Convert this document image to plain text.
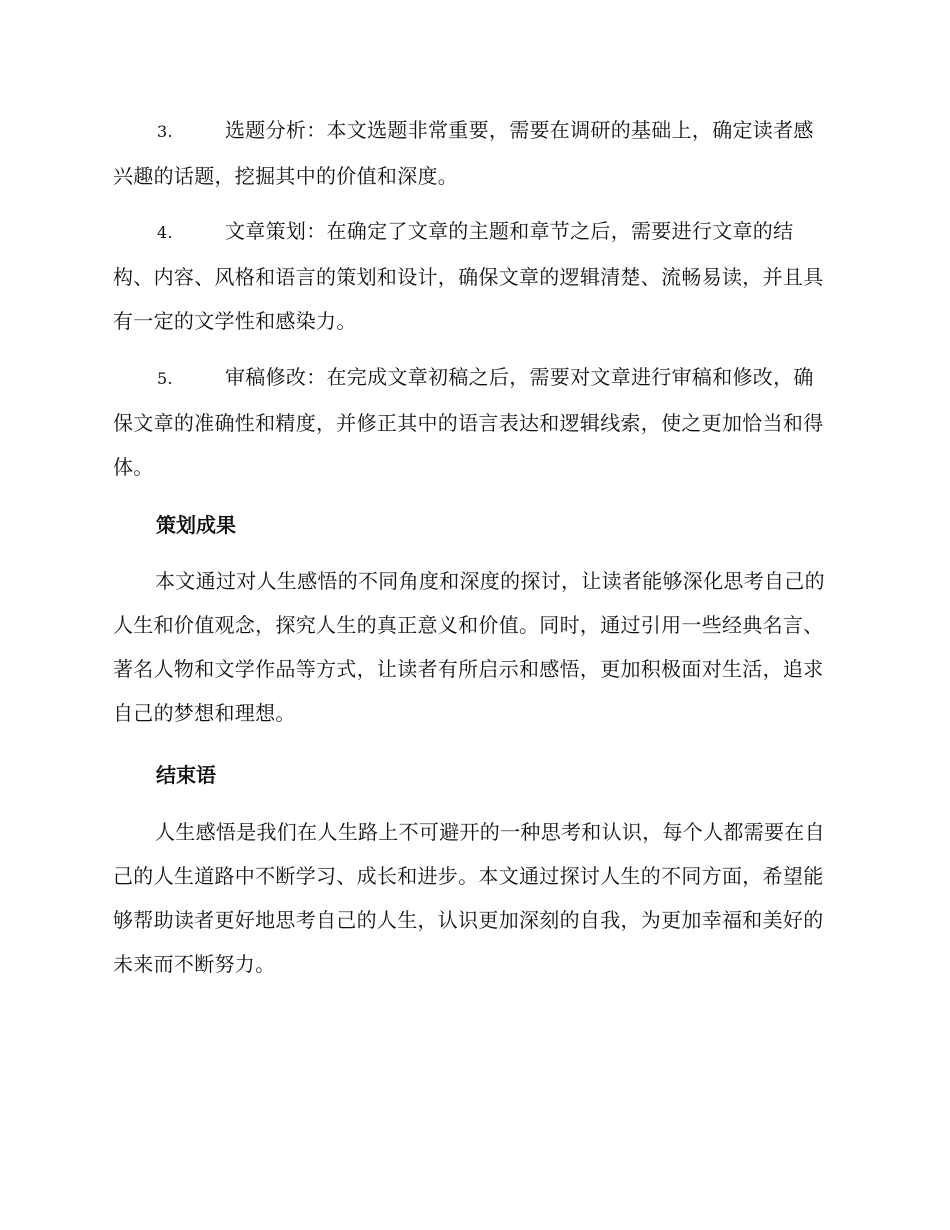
3.	选题分析：本文选题非常重要，需要在调研的基础上，确定读者感兴趣的话题，挖掘其中的价值和深度。

4.	文章策划：在确定了文章的主题和章节之后，需要进行文章的结构、内容、风格和语言的策划和设计，确保文章的逻辑清楚、流畅易读，并且具有一定的文学性和感染力。

5.	审稿修改：在完成文章初稿之后，需要对文章进行审稿和修改，确保文章的准确性和精度，并修正其中的语言表达和逻辑线索，使之更加恰当和得体。

策划成果

本文通过对人生感悟的不同角度和深度的探讨，让读者能够深化思考自己的人生和价值观念，探究人生的真正意义和价值。同时，通过引用一些经典名言、著名人物和文学作品等方式，让读者有所启示和感悟，更加积极面对生活，追求自己的梦想和理想。

结束语

人生感悟是我们在人生路上不可避开的一种思考和认识，每个人都需要在自己的人生道路中不断学习、成长和进步。本文通过探讨人生的不同方面，希望能够帮助读者更好地思考自己的人生，认识更加深刻的自我，为更加幸福和美好的未来而不断努力。
